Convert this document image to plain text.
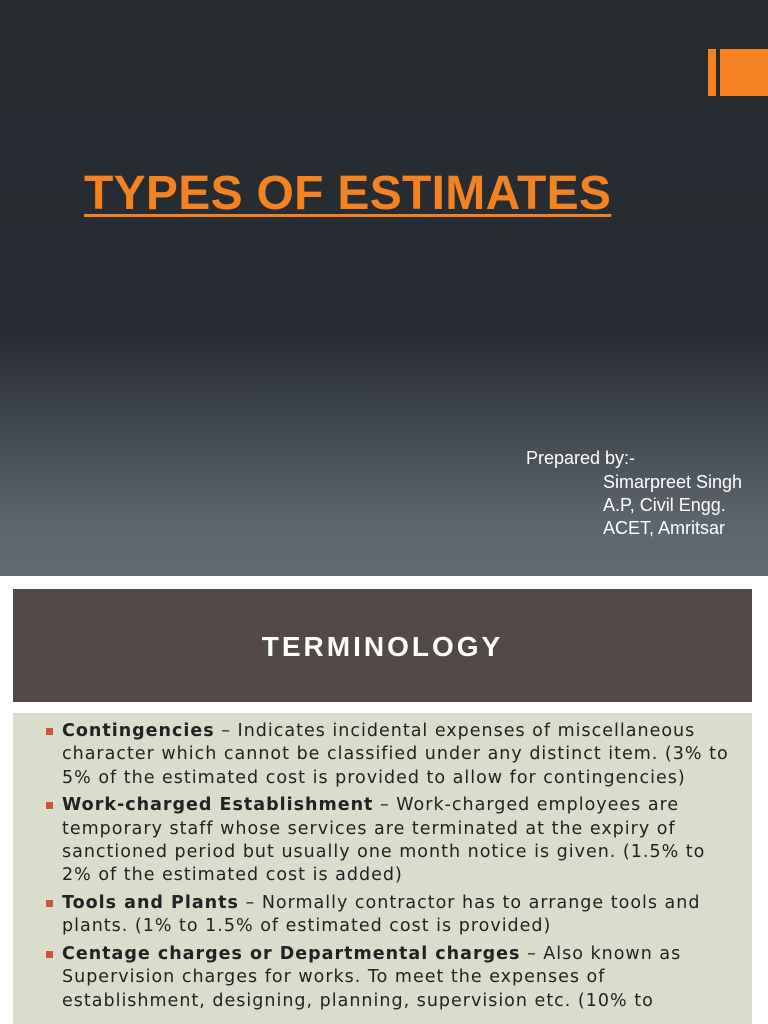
TYPES OF ESTIMATES
Prepared by:-
Simarpreet Singh
A.P, Civil Engg.
ACET, Amritsar
TERMINOLOGY
Contingencies – Indicates incidental expenses of miscellaneous character which cannot be classified under any distinct item. (3% to 5% of the estimated cost is provided to allow for contingencies)
Work-charged Establishment – Work-charged employees are temporary staff whose services are terminated at the expiry of sanctioned period but usually one month notice is given. (1.5% to 2% of the estimated cost is added)
Tools and Plants – Normally contractor has to arrange tools and plants. (1% to 1.5% of estimated cost is provided)
Centage charges or Departmental charges – Also known as Supervision charges for works. To meet the expenses of establishment, designing, planning, supervision etc. (10% to
